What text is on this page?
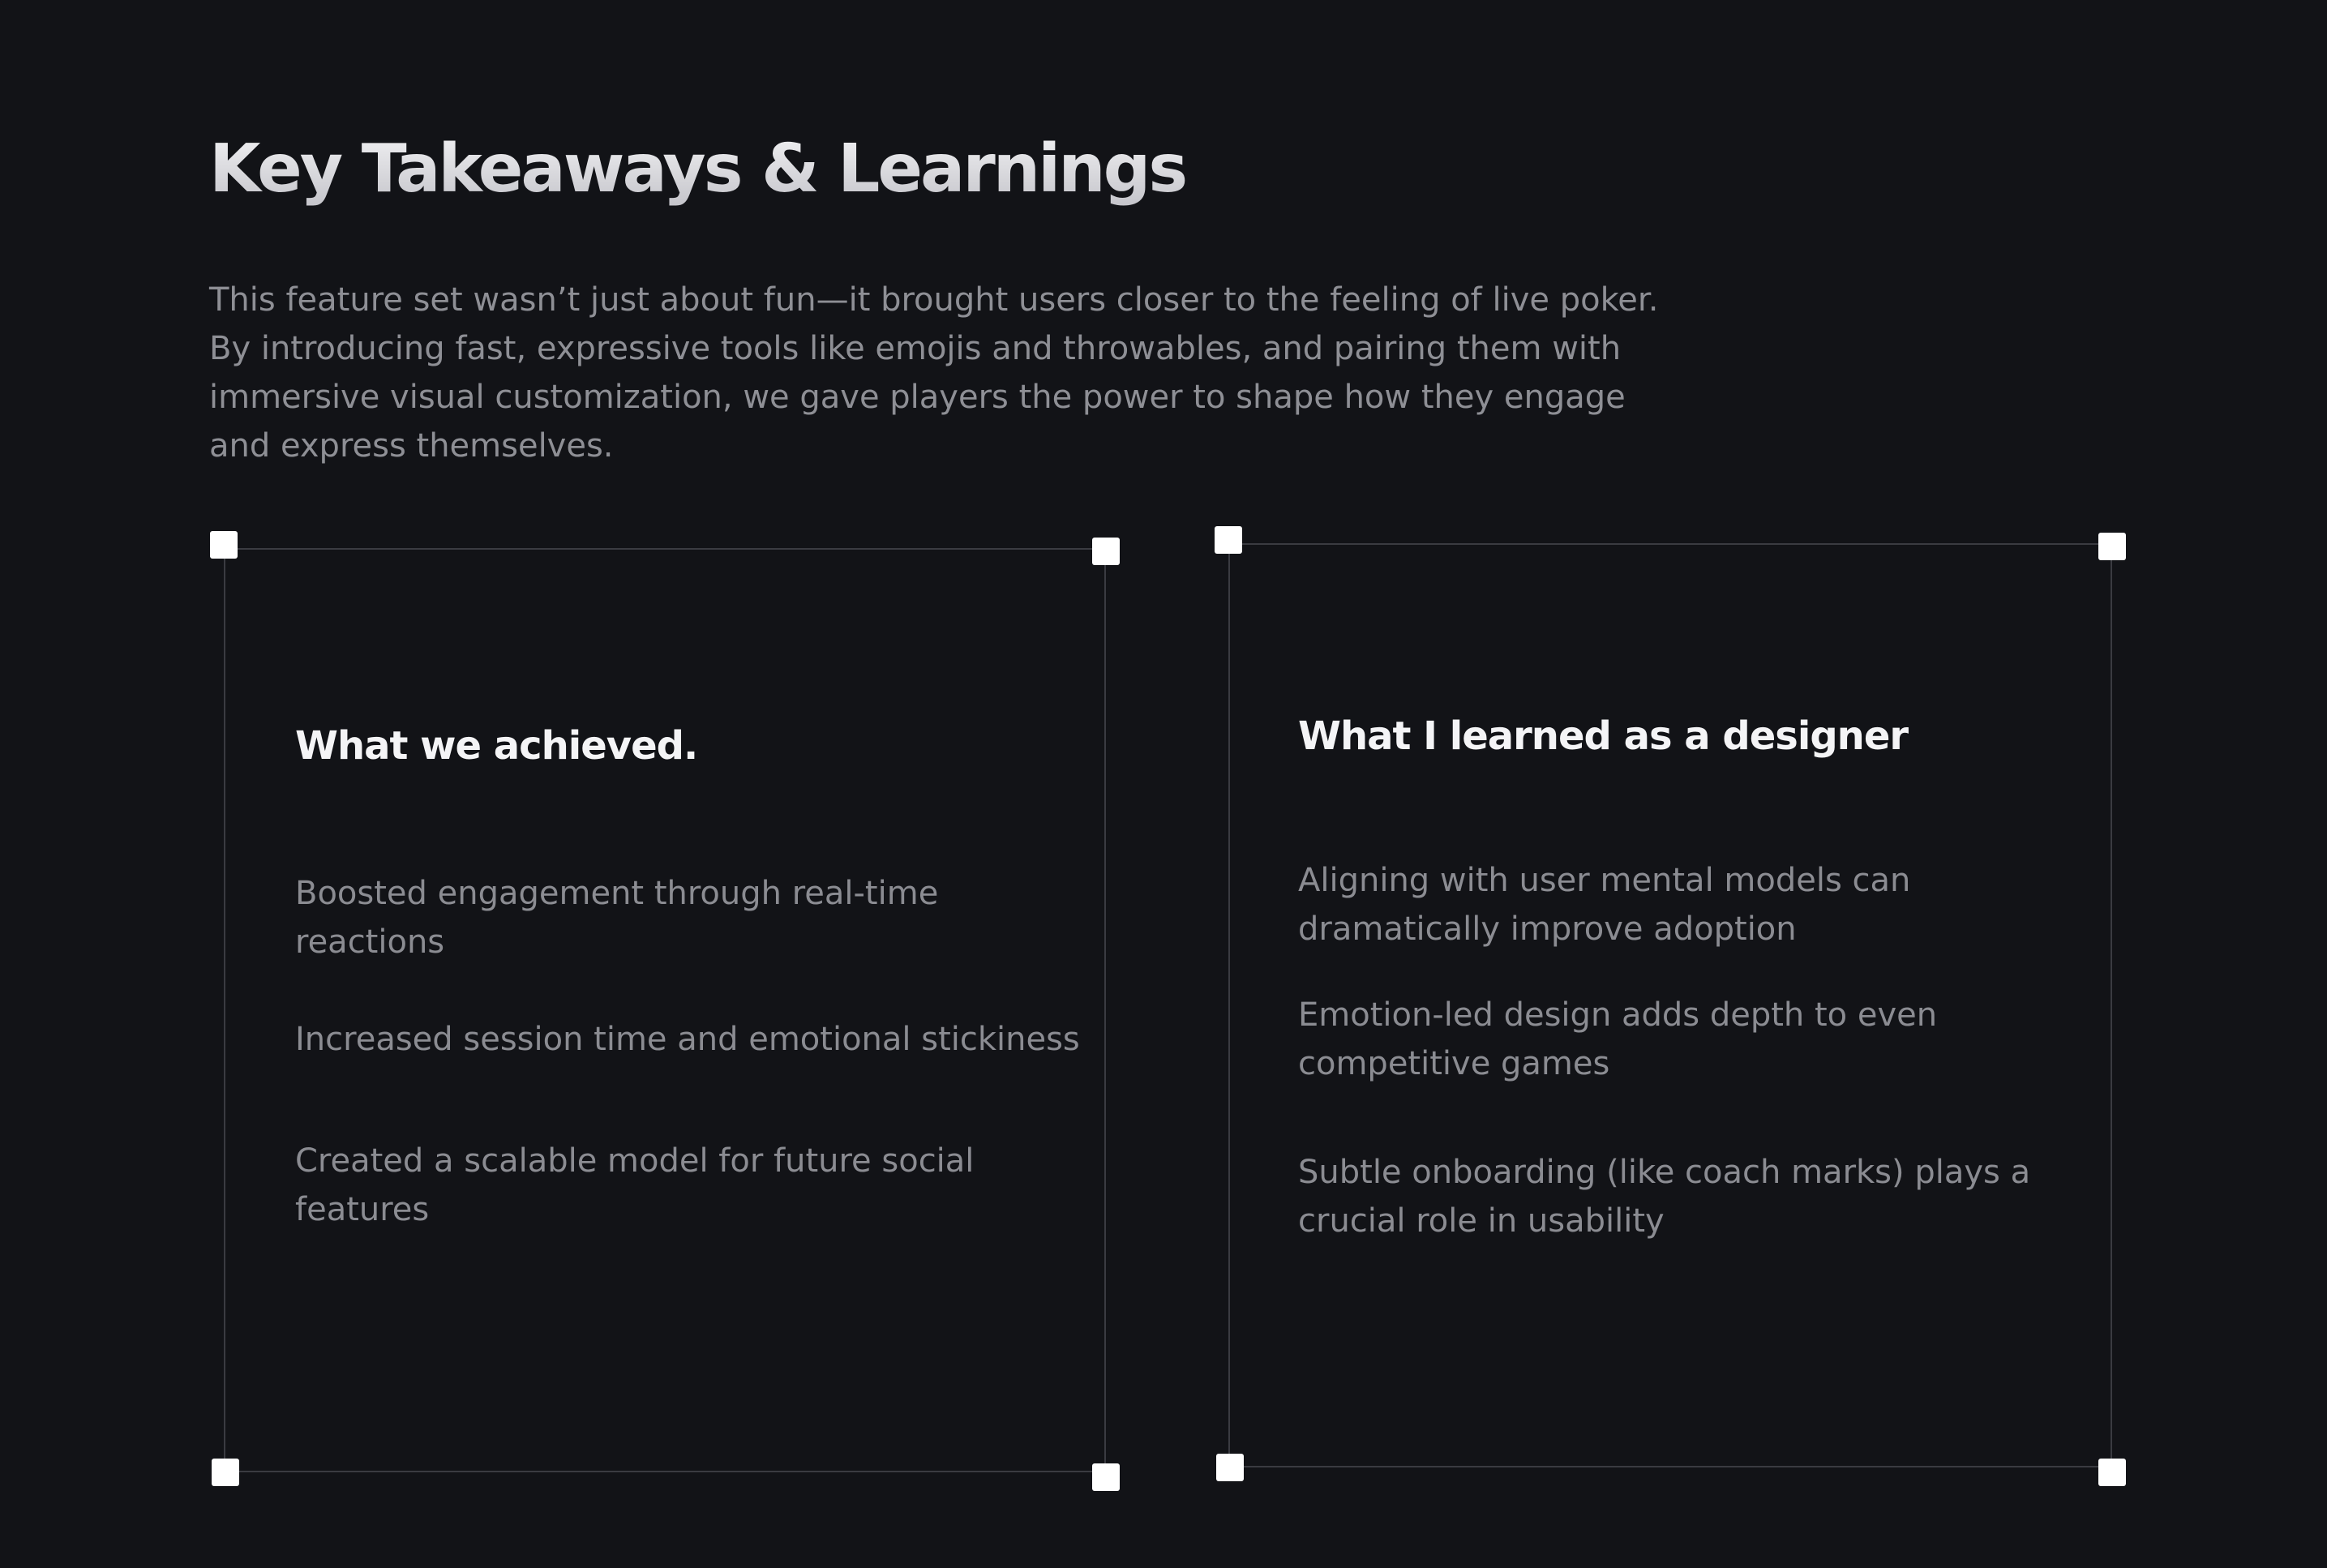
Key Takeaways & Learnings

This feature set wasn’t just about fun—it brought users closer to the feeling of live poker.
By introducing fast, expressive tools like emojis and throwables, and pairing them with
immersive visual customization, we gave players the power to shape how they engage
and express themselves.

What we achieved.

Boosted engagement through real-time
reactions

Increased session time and emotional stickiness

Created a scalable model for future social
features

What I learned as a designer

Aligning with user mental models can
dramatically improve adoption

Emotion-led design adds depth to even
competitive games

Subtle onboarding (like coach marks) plays a
crucial role in usability
